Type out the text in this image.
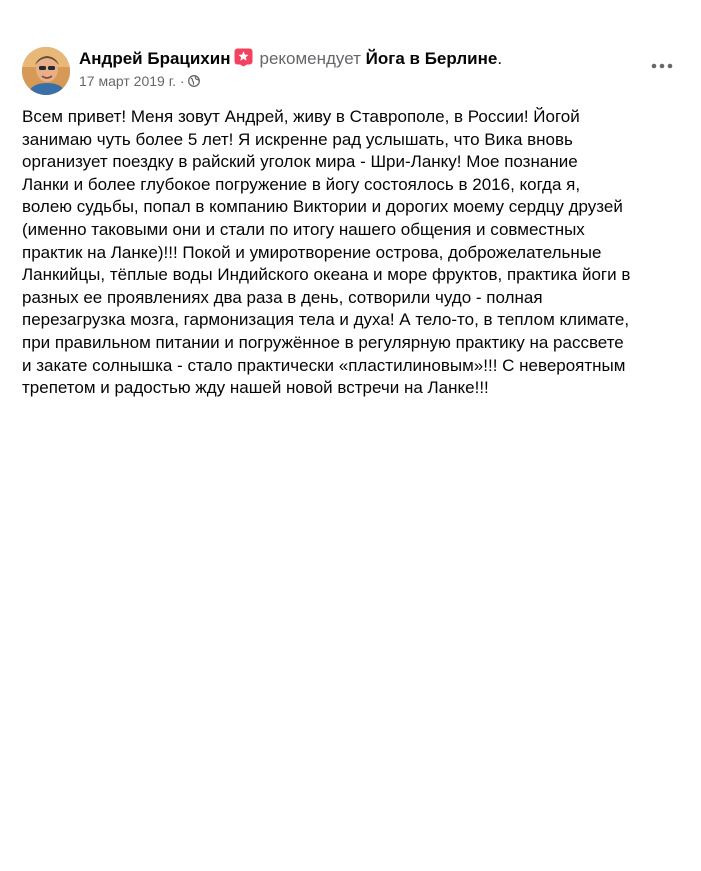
Андрей Брацихин рекомендует Йога в Берлине.
17 март 2019 г. ·

Всем привет! Меня зовут Андрей, живу в Ставрополе, в России! Йогой
занимаю чуть более 5 лет! Я искренне рад услышать, что Вика вновь
организует поездку в райский уголок мира - Шри-Ланку! Мое познание
Ланки и более глубокое погружение в йогу состоялось в 2016, когда я,
волею судьбы, попал в компанию Виктории и дорогих моему сердцу друзей
(именно таковыми они и стали по итогу нашего общения и совместных
практик на Ланке)!!! Покой и умиротворение острова, доброжелательные
Ланкийцы, тёплые воды Индийского океана и море фруктов, практика йоги в
разных ее проявлениях два раза в день, сотворили чудо - полная
перезагрузка мозга, гармонизация тела и духа! А тело-то, в теплом климате,
при правильном питании и погружённое в регулярную практику на рассвете
и закате солнышка - стало практически «пластилиновым»!!! С невероятным
трепетом и радостью жду нашей новой встречи на Ланке!!!
